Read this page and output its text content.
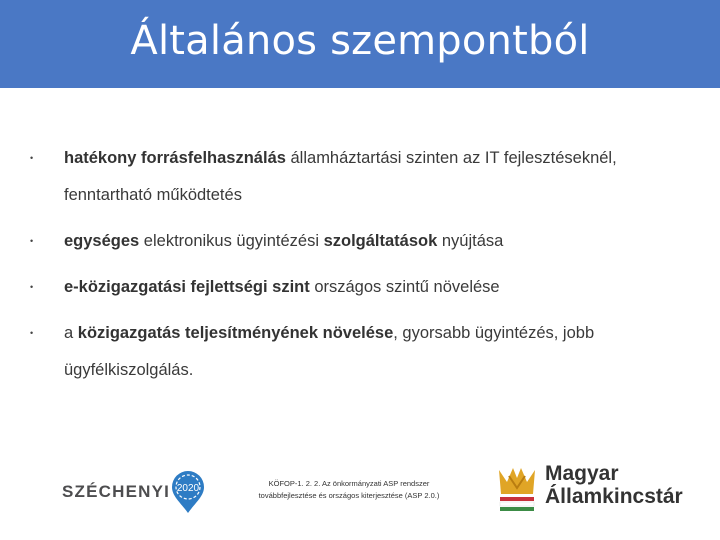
Általános szempontból
• hatékony forrásfelhasználás államháztartási szinten az IT fejlesztéseknél, fenntartható működtetés
• egységes elektronikus ügyintézési szolgáltatások nyújtása
• e-közigazgatási fejlettségi szint országos szintű növelése
• a közigazgatás teljesítményének növelése, gyorsabb ügyintézés, jobb ügyfélkiszolgálás.
SZÉCHENYI 2020	KÖFOP-1. 2. 2. Az önkormányzati ASP rendszer
továbbfejlesztése és országos kiterjesztése (ASP 2.0.)
Magyar
Államkincstár
